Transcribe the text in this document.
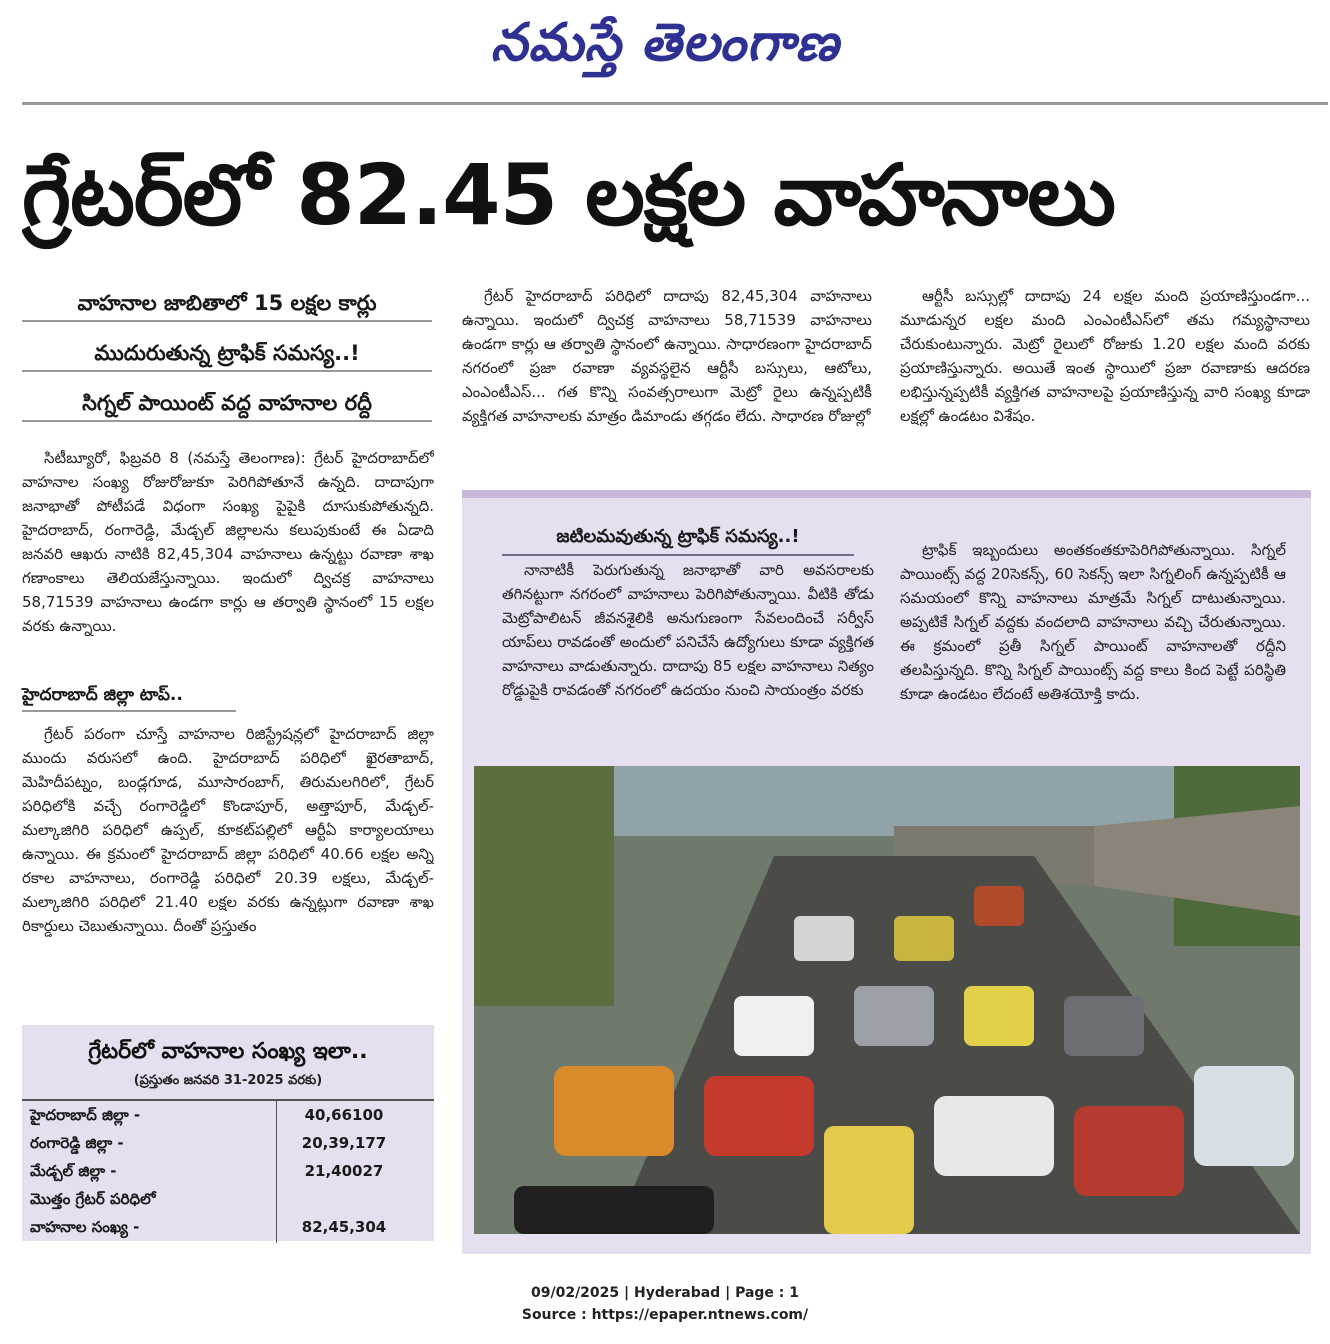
నమస్తే తెలంగాణ
గ్రేటర్‌లో 82.45 లక్షల వాహనాలు
వాహనాల జాబితాలో 15 లక్షల కార్లు
ముదురుతున్న ట్రాఫిక్ సమస్య..!
సిగ్నల్ పాయింట్ వద్ద వాహనాల రద్దీ

సిటీబ్యూరో, ఫిబ్రవరి 8 (నమస్తే తెలంగాణ): గ్రేటర్ హైదరాబాద్‌లో వాహనాల సంఖ్య రోజురోజుకూ పెరిగిపోతూనే ఉన్నది. దాదాపుగా జనాభాతో పోటీపడే విధంగా సంఖ్య పైపైకి దూసుకుపోతున్నది. హైదరాబాద్, రంగారెడ్డి, మేడ్చల్ జిల్లాలను కలుపుకుంటే ఈ ఏడాది జనవరి ఆఖరు నాటికి 82,45,304 వాహనాలు ఉన్నట్టు రవాణా శాఖ గణాంకాలు తెలియజేస్తున్నాయి. ఇందులో ద్విచక్ర వాహనాలు 58,71539 వాహనాలు ఉండగా కార్లు ఆ తర్వాతి స్థానంలో 15 లక్షల వరకు ఉన్నాయి.

హైదరాబాద్ జిల్లా టాప్..

గ్రేటర్ పరంగా చూస్తే వాహనాల రిజిస్ట్రేషన్లలో హైదరాబాద్ జిల్లా ముందు వరుసలో ఉంది. హైదరాబాద్ పరిధిలో ఖైరతాబాద్, మెహిదీపట్నం, బండ్లగూడ, మూసారంబాగ్, తిరుమలగిరిలో, గ్రేటర్ పరిధిలోకి వచ్చే రంగారెడ్డిలో కొండాపూర్, అత్తాపూర్, మేడ్చల్-మల్కాజిగిరి పరిధిలో ఉప్పల్, కూకట్‌పల్లిలో ఆర్టీఏ కార్యాలయాలు ఉన్నాయి. ఈ క్రమంలో హైదరాబాద్ జిల్లా పరిధిలో 40.66 లక్షల అన్ని రకాల వాహనాలు, రంగారెడ్డి పరిధిలో 20.39 లక్షలు, మేడ్చల్-మల్కాజిగిరి పరిధిలో 21.40 లక్షల వరకు ఉన్నట్లుగా రవాణా శాఖ రికార్డులు చెబుతున్నాయి. దీంతో ప్రస్తుతం

గ్రేటర్ హైదరాబాద్ పరిధిలో దాదాపు 82,45,304 వాహనాలు ఉన్నాయి. ఇందులో ద్విచక్ర వాహనాలు 58,71539 వాహనాలు ఉండగా కార్లు ఆ తర్వాతి స్థానంలో ఉన్నాయి. సాధారణంగా హైదరాబాద్ నగరంలో ప్రజా రవాణా వ్యవస్థలైన ఆర్టీసీ బస్సులు, ఆటోలు, ఎంఎంటీఎస్... గత కొన్ని సంవత్సరాలుగా మెట్రో రైలు ఉన్నప్పటికీ వ్యక్తిగత వాహనాలకు మాత్రం డిమాండు తగ్గడం లేదు. సాధారణ రోజుల్లో

ఆర్టీసీ బస్సుల్లో దాదాపు 24 లక్షల మంది ప్రయాణిస్తుండగా... మూడున్నర లక్షల మంది ఎంఎంటీఎస్‌లో తమ గమ్యస్థానాలు చేరుకుంటున్నారు. మెట్రో రైలులో రోజుకు 1.20 లక్షల మంది వరకు ప్రయాణిస్తున్నారు. అయితే ఇంత స్థాయిలో ప్రజా రవాణాకు ఆదరణ లభిస్తున్నప్పటికీ వ్యక్తిగత వాహనాలపై ప్రయాణిస్తున్న వారి సంఖ్య కూడా లక్షల్లో ఉండటం విశేషం.

గ్రేటర్‌లో వాహనాల సంఖ్య ఇలా..
(ప్రస్తుతం జనవరి 31-2025 వరకు)
హైదరాబాద్ జిల్లా -	40,66100
రంగారెడ్డి జిల్లా -	20,39,177
మేడ్చల్ జిల్లా -	21,40027
మొత్తం గ్రేటర్ పరిధిలో
వాహనాల సంఖ్య -	82,45,304
జటిలమవుతున్న ట్రాఫిక్ సమస్య..!

నానాటికీ పెరుగుతున్న జనాభాతో వారి అవసరాలకు తగినట్టుగా నగరంలో వాహనాలు పెరిగిపోతున్నాయి. వీటికి తోడు మెట్రోపాలిటన్ జీవనశైలికి అనుగుణంగా సేవలందించే సర్వీస్ యాప్‌లు రావడంతో అందులో పనిచేసే ఉద్యోగులు కూడా వ్యక్తిగత వాహనాలు వాడుతున్నారు. దాదాపు 85 లక్షల వాహనాలు నిత్యం రోడ్డుపైకి రావడంతో నగరంలో ఉదయం నుంచి సాయంత్రం వరకు

ట్రాఫిక్ ఇబ్బందులు అంతకంతకూపెరిగిపోతున్నాయి. సిగ్నల్ పాయింట్స్ వద్ద 20సెకన్స్, 60 సెకన్స్ ఇలా సిగ్నలింగ్ ఉన్నప్పటికీ ఆ సమయంలో కొన్ని వాహనాలు మాత్రమే సిగ్నల్ దాటుతున్నాయి. అప్పటికే సిగ్నల్ వద్దకు వందలాది వాహనాలు వచ్చి చేరుతున్నాయి. ఈ క్రమంలో ప్రతీ సిగ్నల్ పాయింట్ వాహనాలతో రద్దీని తలపిస్తున్నది. కొన్ని సిగ్నల్ పాయింట్స్ వద్ద కాలు కింద పెట్టే పరిస్థితి కూడా ఉండటం లేదంటే అతిశయోక్తి కాదు.

09/02/2025 | Hyderabad | Page : 1
Source : https://epaper.ntnews.com/
